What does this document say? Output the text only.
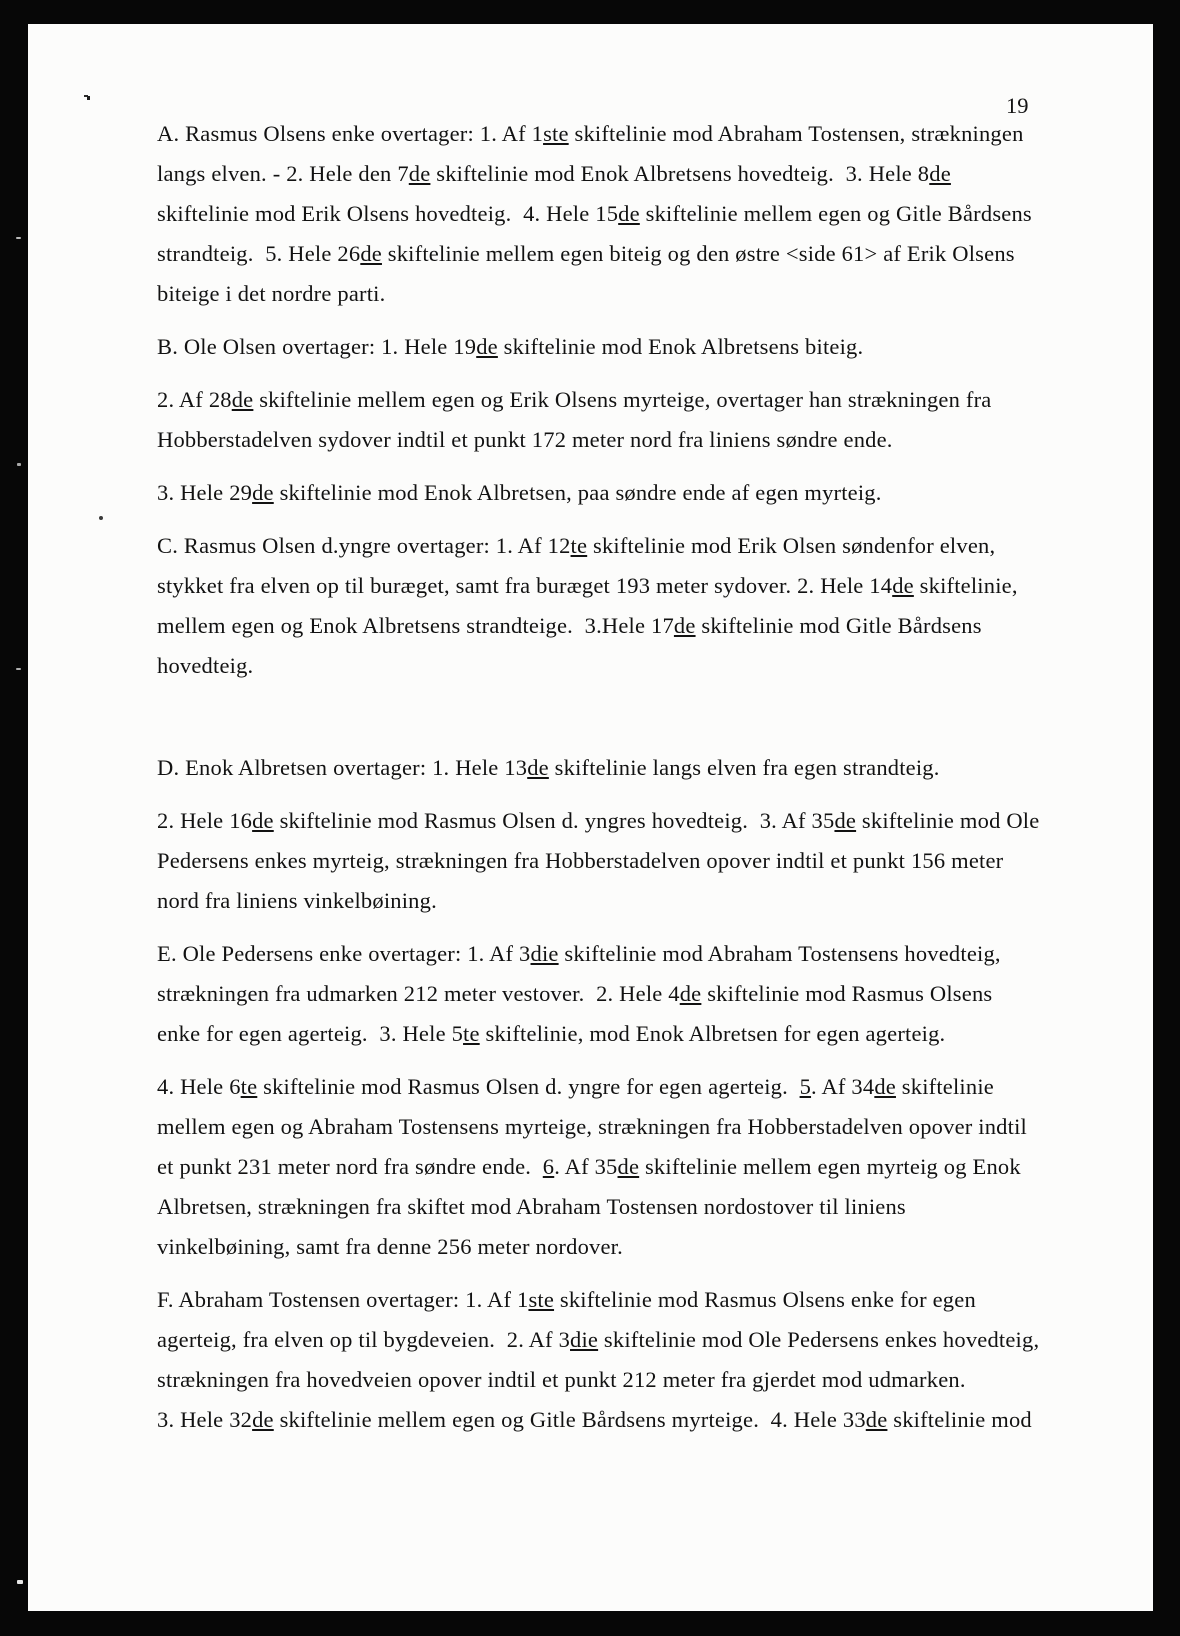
19
A. Rasmus Olsens enke overtager: 1. Af 1ste skiftelinie mod Abraham Tostensen, strækningen
langs elven. - 2. Hele den 7de skiftelinie mod Enok Albretsens hovedteig.  3. Hele 8de
skiftelinie mod Erik Olsens hovedteig.  4. Hele 15de skiftelinie mellem egen og Gitle Bårdsens
strandteig.  5. Hele 26de skiftelinie mellem egen biteig og den østre <side 61> af Erik Olsens
biteige i det nordre parti.
B. Ole Olsen overtager: 1. Hele 19de skiftelinie mod Enok Albretsens biteig.
2. Af 28de skiftelinie mellem egen og Erik Olsens myrteige, overtager han strækningen fra
Hobberstadelven sydover indtil et punkt 172 meter nord fra liniens søndre ende.
3. Hele 29de skiftelinie mod Enok Albretsen, paa søndre ende af egen myrteig.
C. Rasmus Olsen d.yngre overtager: 1. Af 12te skiftelinie mod Erik Olsen søndenfor elven,
stykket fra elven op til buræget, samt fra buræget 193 meter sydover. 2. Hele 14de skiftelinie,
mellem egen og Enok Albretsens strandteige.  3.Hele 17de skiftelinie mod Gitle Bårdsens
hovedteig.
D. Enok Albretsen overtager: 1. Hele 13de skiftelinie langs elven fra egen strandteig.
2. Hele 16de skiftelinie mod Rasmus Olsen d. yngres hovedteig.  3. Af 35de skiftelinie mod Ole
Pedersens enkes myrteig, strækningen fra Hobberstadelven opover indtil et punkt 156 meter
nord fra liniens vinkelbøining.
E. Ole Pedersens enke overtager: 1. Af 3die skiftelinie mod Abraham Tostensens hovedteig,
strækningen fra udmarken 212 meter vestover.  2. Hele 4de skiftelinie mod Rasmus Olsens
enke for egen agerteig.  3. Hele 5te skiftelinie, mod Enok Albretsen for egen agerteig.
4. Hele 6te skiftelinie mod Rasmus Olsen d. yngre for egen agerteig.  5. Af 34de skiftelinie
mellem egen og Abraham Tostensens myrteige, strækningen fra Hobberstadelven opover indtil
et punkt 231 meter nord fra søndre ende.  6. Af 35de skiftelinie mellem egen myrteig og Enok
Albretsen, strækningen fra skiftet mod Abraham Tostensen nordostover til liniens
vinkelbøining, samt fra denne 256 meter nordover.
F. Abraham Tostensen overtager: 1. Af 1ste skiftelinie mod Rasmus Olsens enke for egen
agerteig, fra elven op til bygdeveien.  2. Af 3die skiftelinie mod Ole Pedersens enkes hovedteig,
strækningen fra hovedveien opover indtil et punkt 212 meter fra gjerdet mod udmarken.
3. Hele 32de skiftelinie mellem egen og Gitle Bårdsens myrteige.  4. Hele 33de skiftelinie mod
